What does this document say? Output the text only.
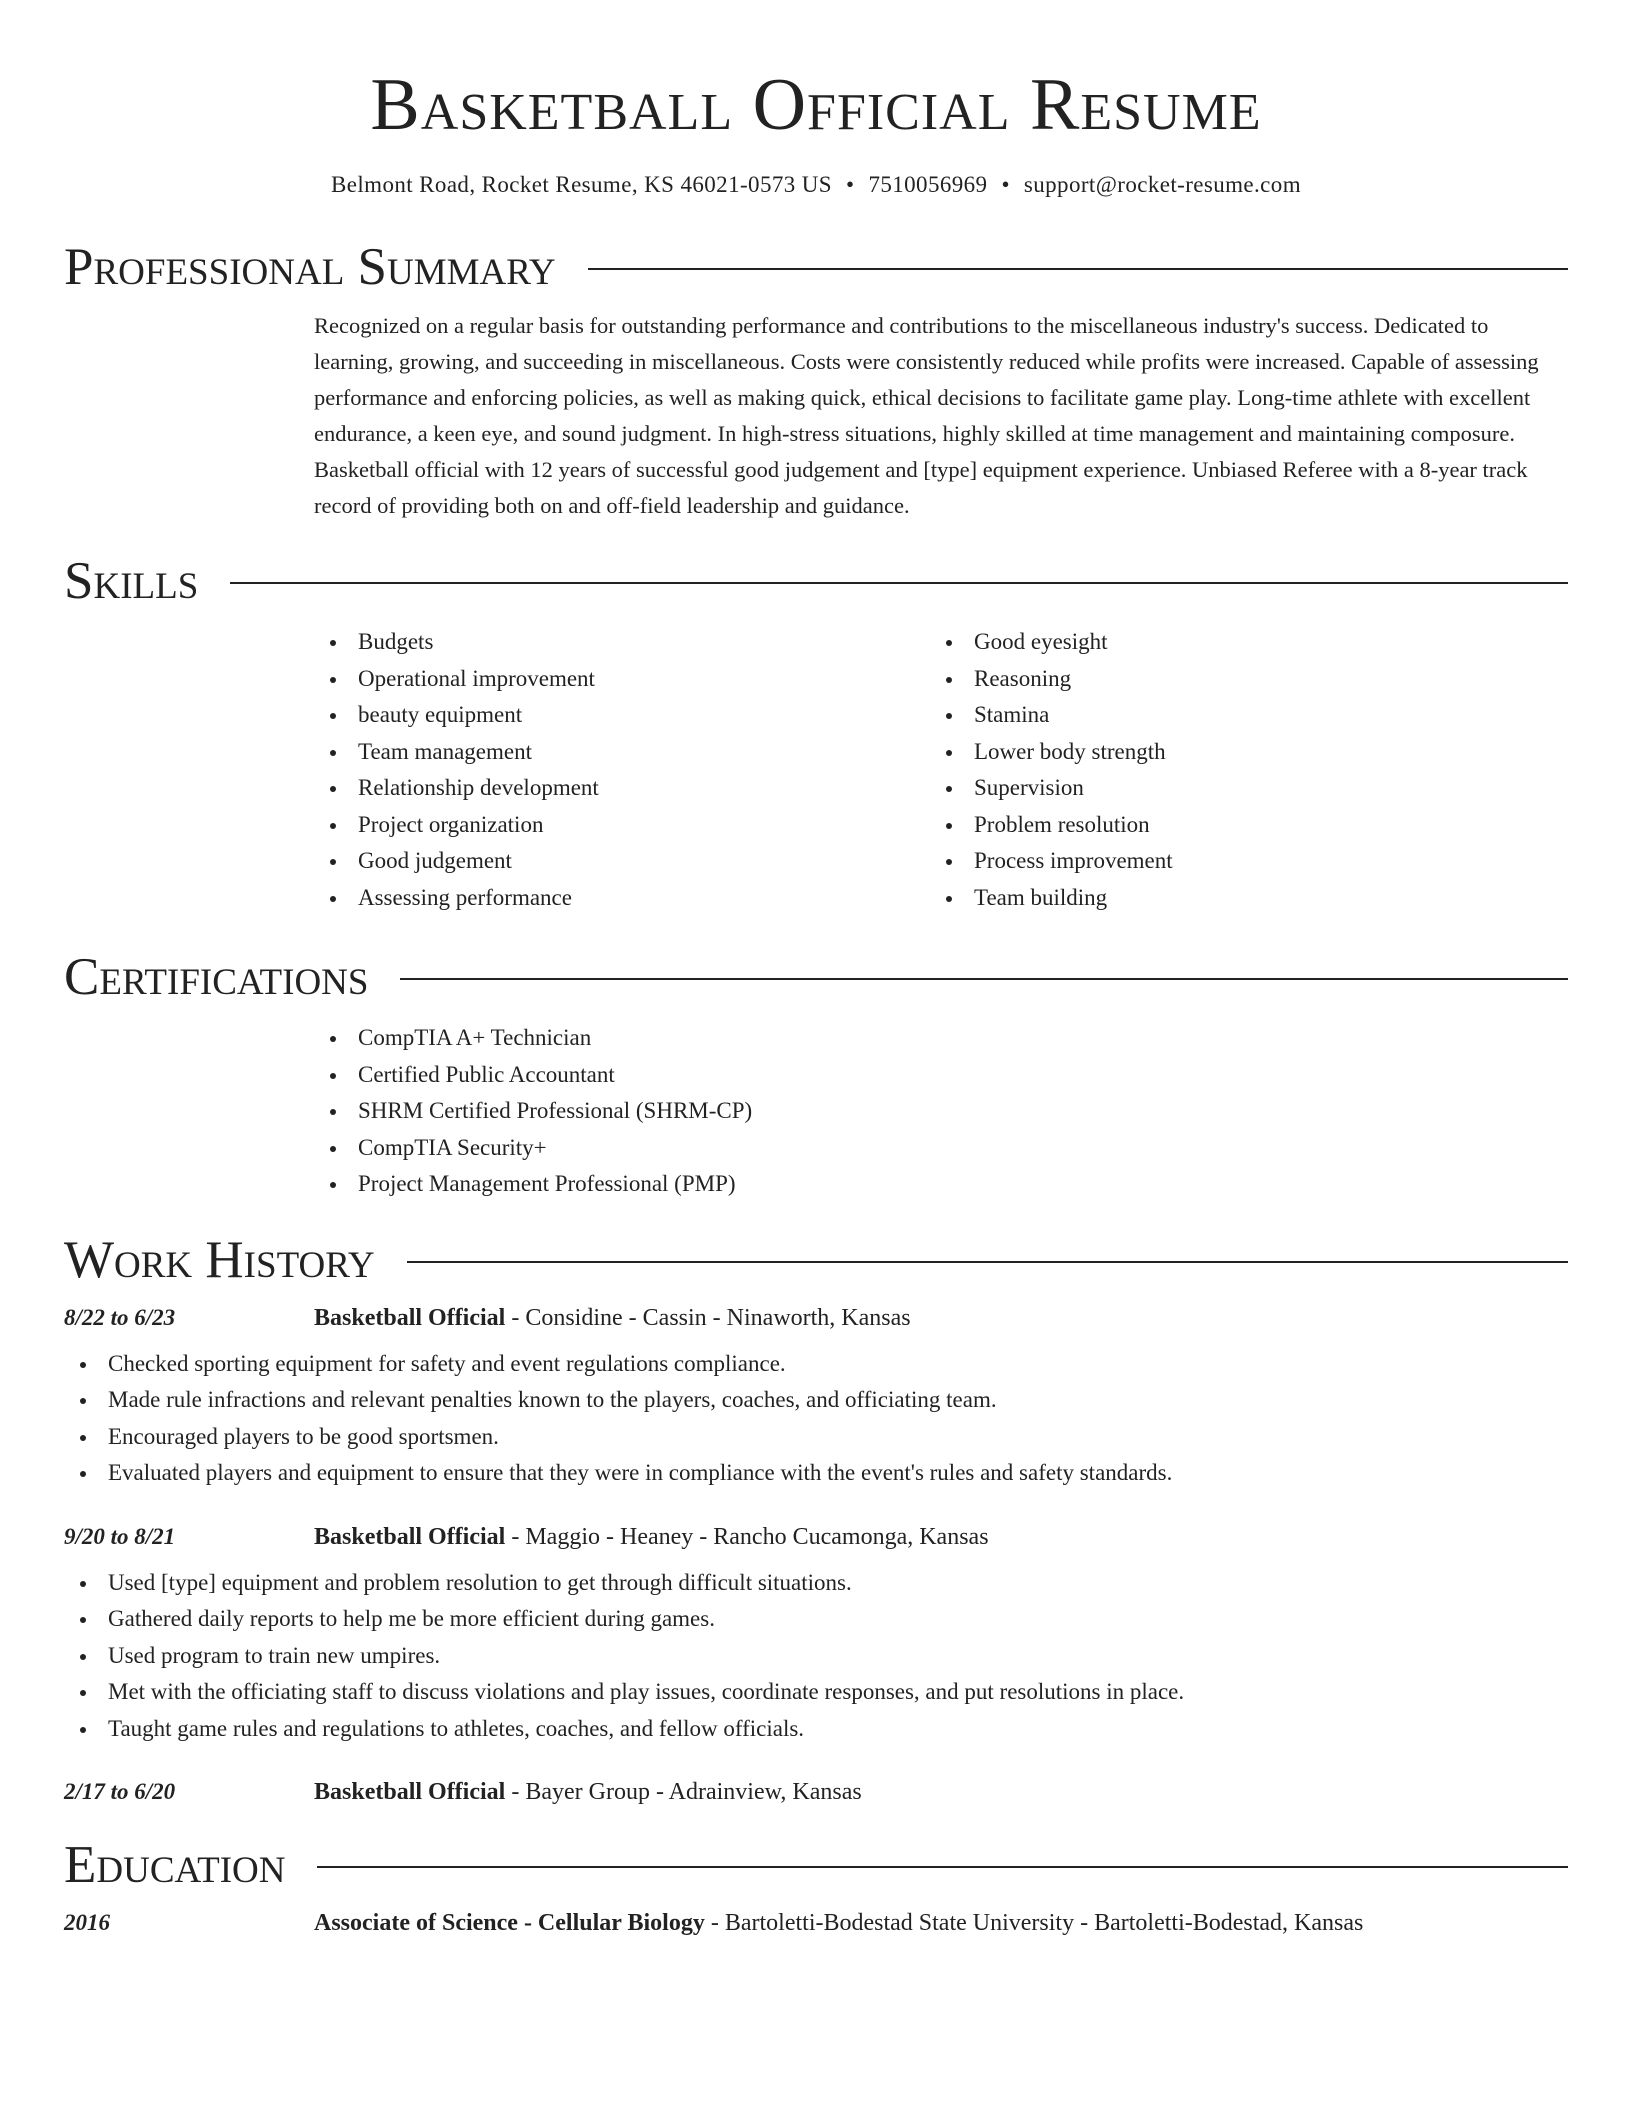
Basketball Official Resume
Belmont Road, Rocket Resume, KS 46021-0573 US • 7510056969 • support@rocket-resume.com
Professional Summary

Recognized on a regular basis for outstanding performance and contributions to the miscellaneous industry's success. Dedicated to learning, growing, and succeeding in miscellaneous. Costs were consistently reduced while profits were increased. Capable of assessing performance and enforcing policies, as well as making quick, ethical decisions to facilitate game play. Long-time athlete with excellent endurance, a keen eye, and sound judgment. In high-stress situations, highly skilled at time management and maintaining composure. Basketball official with 12 years of successful good judgement and [type] equipment experience. Unbiased Referee with a 8-year track record of providing both on and off-field leadership and guidance.

Skills
Budgets
Operational improvement
beauty equipment
Team management
Relationship development
Project organization
Good judgement
Assessing performance
Good eyesight
Reasoning
Stamina
Lower body strength
Supervision
Problem resolution
Process improvement
Team building
Certifications
CompTIA A+ Technician
Certified Public Accountant
SHRM Certified Professional (SHRM-CP)
CompTIA Security+
Project Management Professional (PMP)
Work History
8/22 to 6/23	Basketball Official - Considine - Cassin - Ninaworth, Kansas
Checked sporting equipment for safety and event regulations compliance.
Made rule infractions and relevant penalties known to the players, coaches, and officiating team.
Encouraged players to be good sportsmen.
Evaluated players and equipment to ensure that they were in compliance with the event's rules and safety standards.
9/20 to 8/21	Basketball Official - Maggio - Heaney - Rancho Cucamonga, Kansas
Used [type] equipment and problem resolution to get through difficult situations.
Gathered daily reports to help me be more efficient during games.
Used program to train new umpires.
Met with the officiating staff to discuss violations and play issues, coordinate responses, and put resolutions in place.
Taught game rules and regulations to athletes, coaches, and fellow officials.
2/17 to 6/20	Basketball Official - Bayer Group - Adrainview, Kansas
Education
2016	Associate of Science - Cellular Biology - Bartoletti-Bodestad State University - Bartoletti-Bodestad, Kansas
